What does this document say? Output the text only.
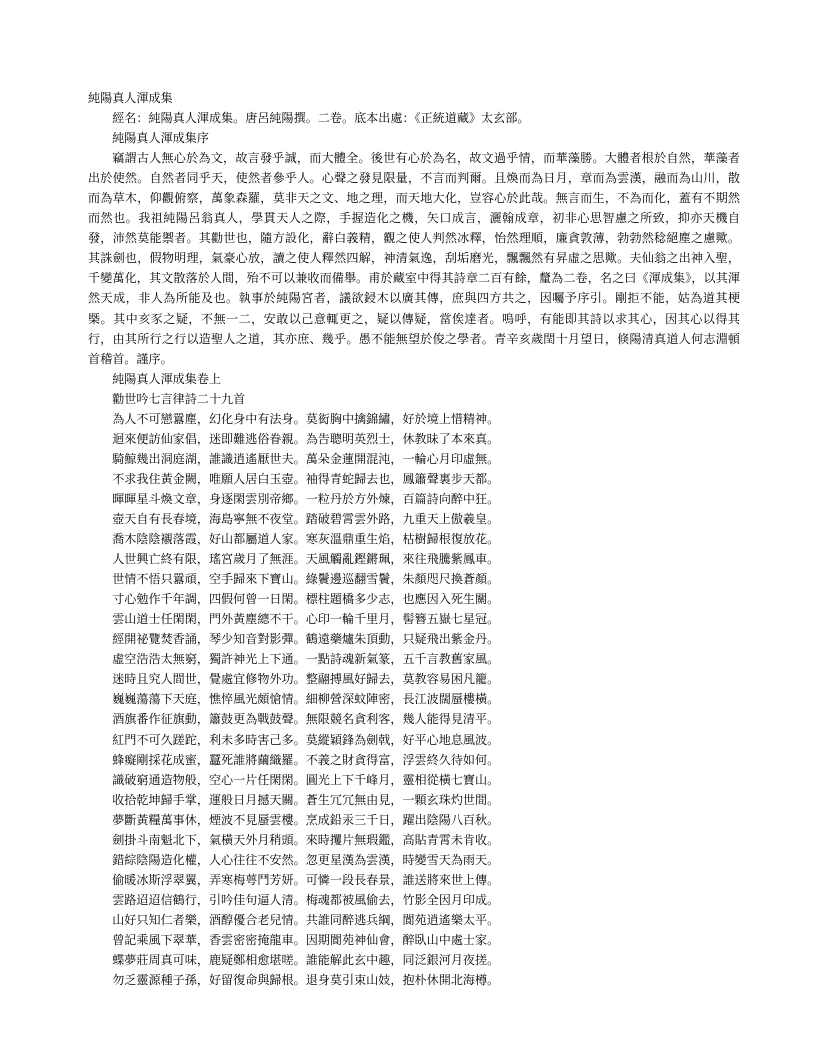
純陽真人渾成集

經名：純陽真人渾成集。唐呂純陽撰。二卷。底本出處：《正統道藏》太玄部。

純陽真人渾成集序

竊謂古人無心於為文，故言發乎誠，而大體全。後世有心於為名，故文過乎情，而華藻勝。大體者根於自然，華藻者出於使然。自然者同乎天，使然者參乎人。心聲之發見限量，不言而判爾。且煥而為日月，章而為雲漢，融而為山川，散而為草木，仰觀俯察，萬象森羅，莫非天之文、地之理，而天地大化，豈容心於此哉。無言而生，不為而化，蓋有不期然而然也。我祖純陽呂翁真人，學貫天人之際，手握造化之機，矢口成言，灑翰成章，初非心思智慮之所致，抑亦天機自發，沛然莫能禦者。其勸世也，隨方設化，辭白義精，觀之使人判然冰釋，怡然理順，廉貪敦薄，勃勃然稔絕塵之慮歟。其誅劍也，假物明理，氣豪心放，讀之使人釋然四解，神清氣逸，刮垢磨光，飄飄然有昇虛之思歟。夫仙翁之出神入聖，千變萬化，其文散落於人間，殆不可以兼收而備舉。甫於藏室中得其詩章二百有餘，釐為二卷，名之曰《渾成集》，以其渾然天成，非人為所能及也。執事於純陽宮者，議欲鋟木以廣其傳，庶與四方共之，因囑予序引。剛拒不能，姑為道其梗槩。其中亥豕之疑，不無一二，安敢以己意輒更之，疑以傳疑，當俟達者。嗚呼，有能即其詩以求其心，因其心以得其行，由其所行之行以造聖人之道，其亦庶、幾乎。愚不能無望於俊之學者。青辛亥歲閏十月望日，倏陽清真道人何志淵頓首稽首。謹序。

純陽真人渾成集卷上

勸世吟七言律詩二十九首

為人不可戀囂塵，幻化身中有法身。莫衒胸中擒錦繡，好於境上惜精神。

迴來便訪仙家倡，迷即難逃俗眷親。為告聰明英烈士，休教昧了本來真。

騎鯨幾出洞庭湖，誰識逍遙厭世夫。萬朵金蓮開混沌，一輪心月印虛無。

不求我住黃金闕，唯願人居白玉壺。袖得青蛇歸去也，鳳簫聲裏步天都。

暉暉星斗煥文章，身逐閑雲別帝鄉。一粒丹於方外煉，百篇詩向醉中狂。

壺天自有長春境，海島寧無不夜堂。踏破碧霄雲外路，九重天上傲羲皇。

喬木陰陰襯落霞，好山都屬道人家。寒灰溫鼎重生焰，枯樹歸根復放花。

人世興亡終有限，瑤宮歲月了無涯。天風觸亂鏗鏘珮，來往飛騰紫鳳車。

世情不悟只囂頑，空手歸來下寶山。綠鬢邊巡翻雪鬢，朱顏咫尺換蒼顏。

寸心勉作千年調，四假何曾一日閑。標柱題橋多少志，也應因入死生關。

雲山道士任閑閑，門外黃塵總不干。心印一輪千里月，髻簪五嶽七星冠。

經開祕覽焚香誦，琴少知音對影彈。鶴遠藥爐朱頂動，只疑飛出紫金丹。

虛空浩浩太無窮，獨許神光上下通。一點詩魂新氣篆，五千言教舊家風。

迷時且究人間世，覺處宜修物外功。整翮搏風好歸去，莫教容易困凡籠。

巍巍蕩蕩下天庭，憔悴風光頗愴情。細柳營深蚊陣密，長江波闊蜃樓橫。

酒旗番作征旗動，簫鼓更為戰鼓聲。無限競名貪利客，幾人能得見清平。

紅門不可久蹉跎，利未多時害己多。莫縱穎鋒為劍戟，好平心地息風波。

蜂癡剛採花成蜜，蠶死誰將繭織羅。不義之財貪得富，浮雲終久待如何。

識破窮通造物般，空心一片任閑閑。圓光上下千峰月，靈相從橫七寶山。

收拾乾坤歸手掌，運般日月撼天關。蒼生冗冗無由見，一顆玄珠灼世間。

夢斷黃糧萬事休，煙波不見蜃雲樓。烹成鉛汞三千日，躍出陰陽八百秋。

劍掛斗南魁北下，氣橫天外月稍頭。來時攫片無瑕鑑，高貼青霄未肯收。

錯綜陰陽造化權，人心往往不安然。忽更星漢為雲漢，時變雪天為雨天。

偷暖冰斯浮翠翼，弄寒梅萼鬥芳妍。可憐一段長春景，誰送將來世上傳。

雲路迢迢信鶴行，引吟佳句逼人清。梅魂都被風偷去，竹影全因月印成。

山好只知仁者樂，酒醇優合老兒情。共誰同醉逃兵綱，閬苑逍遙樂太平。

曾記乘風下翠華，香雲密密掩龍車。因期閬苑神仙會，醉臥山中處士家。

蝶夢莊周真可味，鹿疑鄭相愈堪嗟。誰能解此玄中趣，同泛銀河月夜搓。

勿乏靈源種子孫，好留復命與歸根。退身莫引束山妓，抱朴休開北海樽。
